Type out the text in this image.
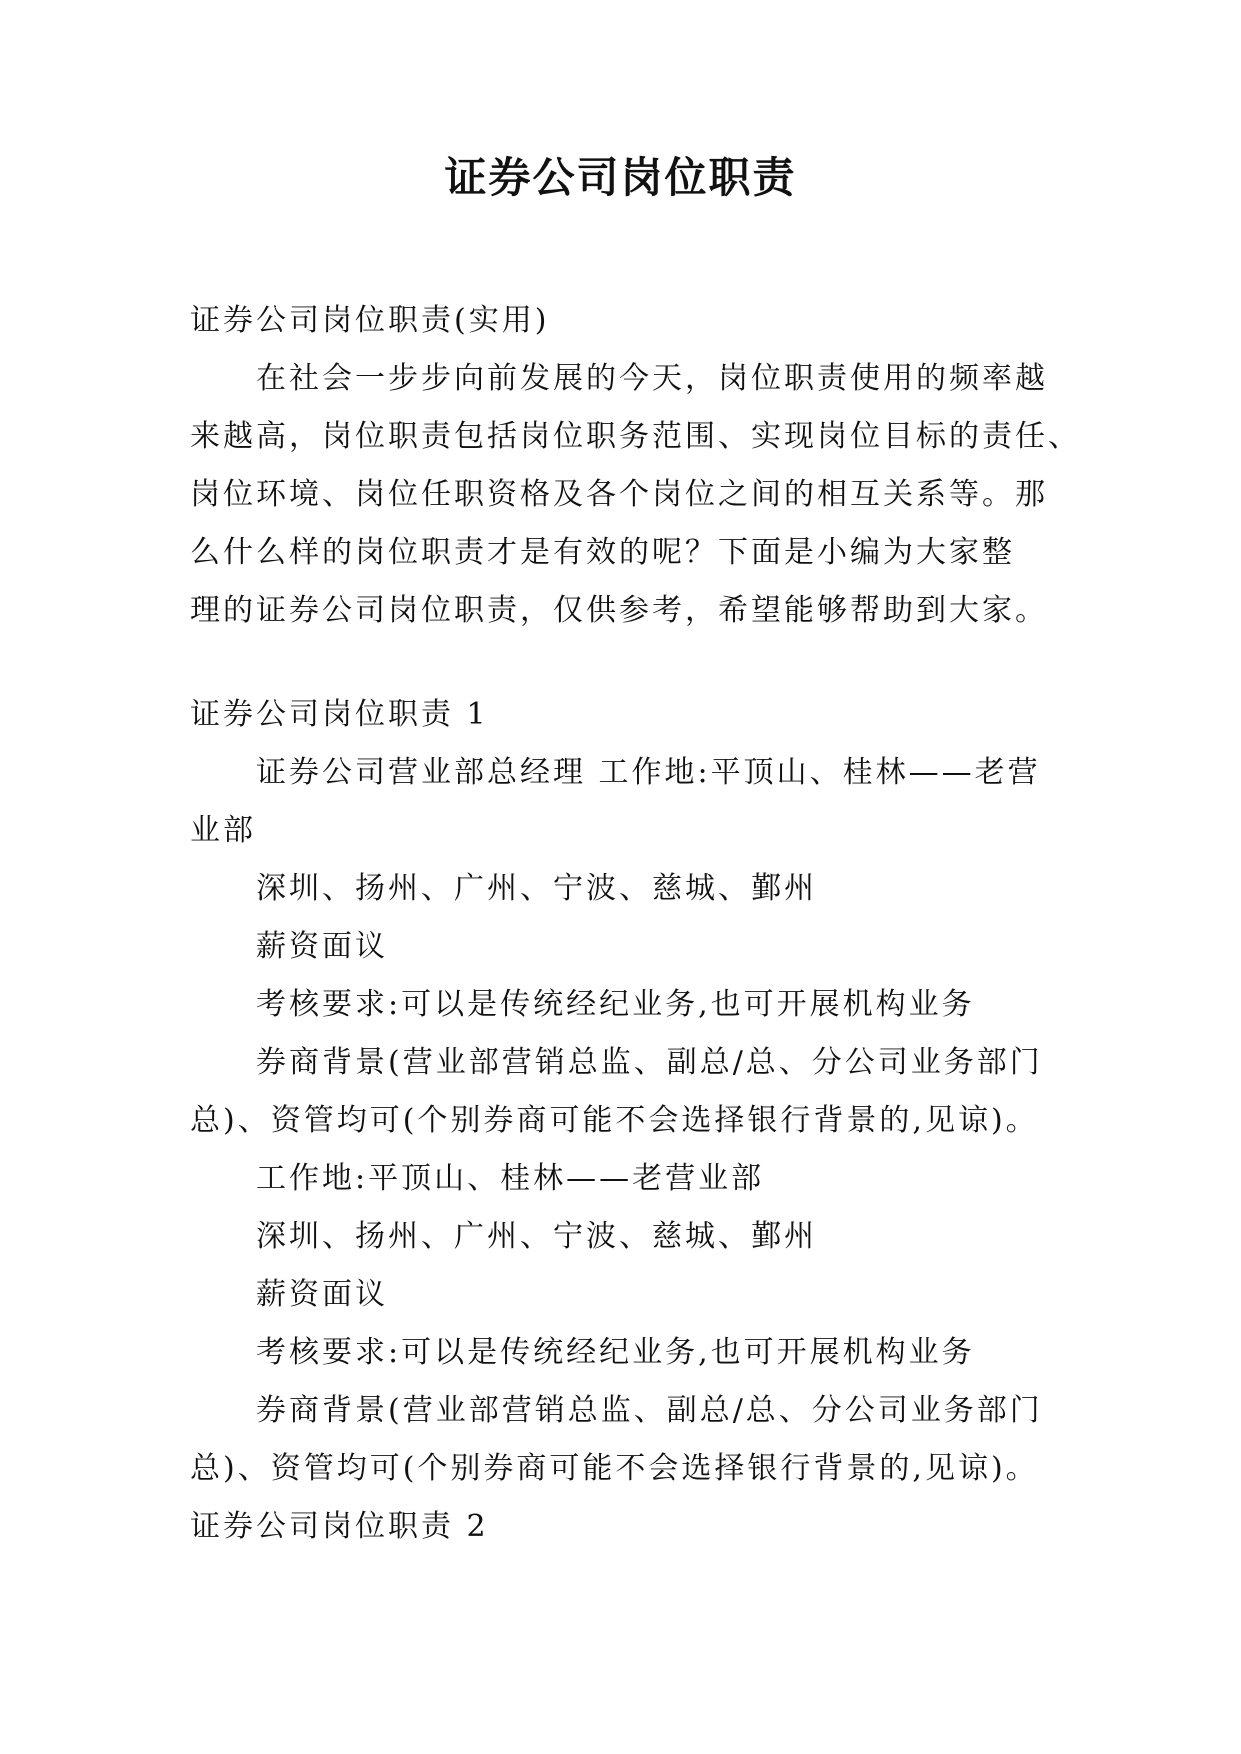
证券公司岗位职责

证券公司岗位职责(实用)

在社会一步步向前发展的今天，岗位职责使用的频率越

来越高，岗位职责包括岗位职务范围、实现岗位目标的责任、

岗位环境、岗位任职资格及各个岗位之间的相互关系等。那

么什么样的岗位职责才是有效的呢？下面是小编为大家整

理的证券公司岗位职责，仅供参考，希望能够帮助到大家。

证券公司岗位职责 1

证券公司营业部总经理 工作地:平顶山、桂林——老营

业部

深圳、扬州、广州、宁波、慈城、鄞州

薪资面议

考核要求:可以是传统经纪业务,也可开展机构业务

券商背景(营业部营销总监、副总/总、分公司业务部门

总)、资管均可(个别券商可能不会选择银行背景的,见谅)。

工作地:平顶山、桂林——老营业部

深圳、扬州、广州、宁波、慈城、鄞州

薪资面议

考核要求:可以是传统经纪业务,也可开展机构业务

券商背景(营业部营销总监、副总/总、分公司业务部门

总)、资管均可(个别券商可能不会选择银行背景的,见谅)。

证券公司岗位职责 2
